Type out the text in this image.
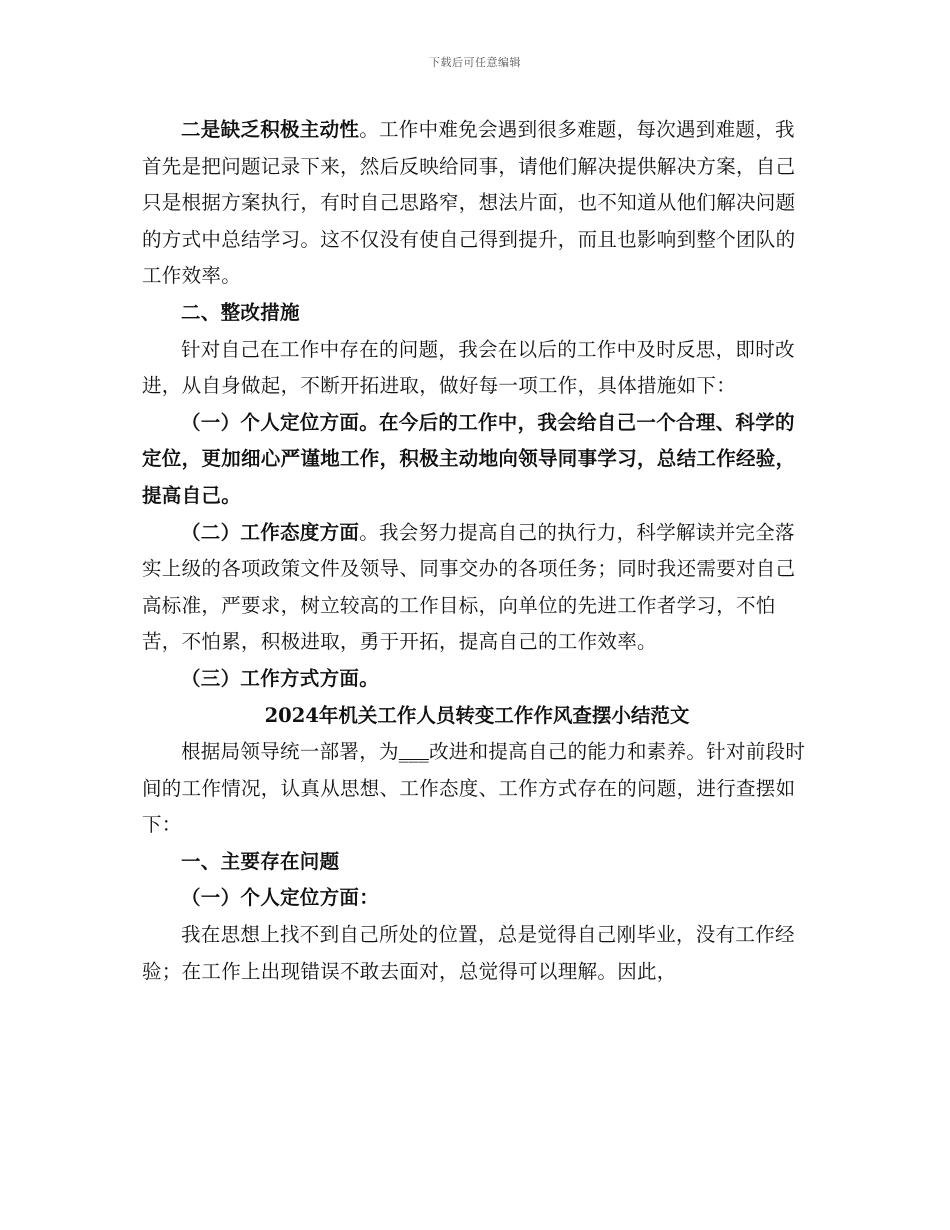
下载后可任意编辑

二是缺乏积极主动性。工作中难免会遇到很多难题，每次遇到难题，我首先是把问题记录下来，然后反映给同事，请他们解决提供解决方案，自己只是根据方案执行，有时自己思路窄，想法片面，也不知道从他们解决问题的方式中总结学习。这不仅没有使自己得到提升，而且也影响到整个团队的工作效率。

二、整改措施

针对自己在工作中存在的问题，我会在以后的工作中及时反思，即时改进，从自身做起，不断开拓进取，做好每一项工作，具体措施如下：

（一）个人定位方面。在今后的工作中，我会给自己一个合理、科学的定位，更加细心严谨地工作，积极主动地向领导同事学习，总结工作经验，提高自己。

（二）工作态度方面。我会努力提高自己的执行力，科学解读并完全落实上级的各项政策文件及领导、同事交办的各项任务；同时我还需要对自己高标准，严要求，树立较高的工作目标，向单位的先进工作者学习，不怕苦，不怕累，积极进取，勇于开拓，提高自己的工作效率。

（三）工作方式方面。

2024年机关工作人员转变工作作风查摆小结范文

根据局领导统一部署，为___改进和提高自己的能力和素养。针对前段时间的工作情况，认真从思想、工作态度、工作方式存在的问题，进行查摆如下：

一、主要存在问题

（一）个人定位方面：

我在思想上找不到自己所处的位置，总是觉得自己刚毕业，没有工作经验；在工作上出现错误不敢去面对，总觉得可以理解。因此，
